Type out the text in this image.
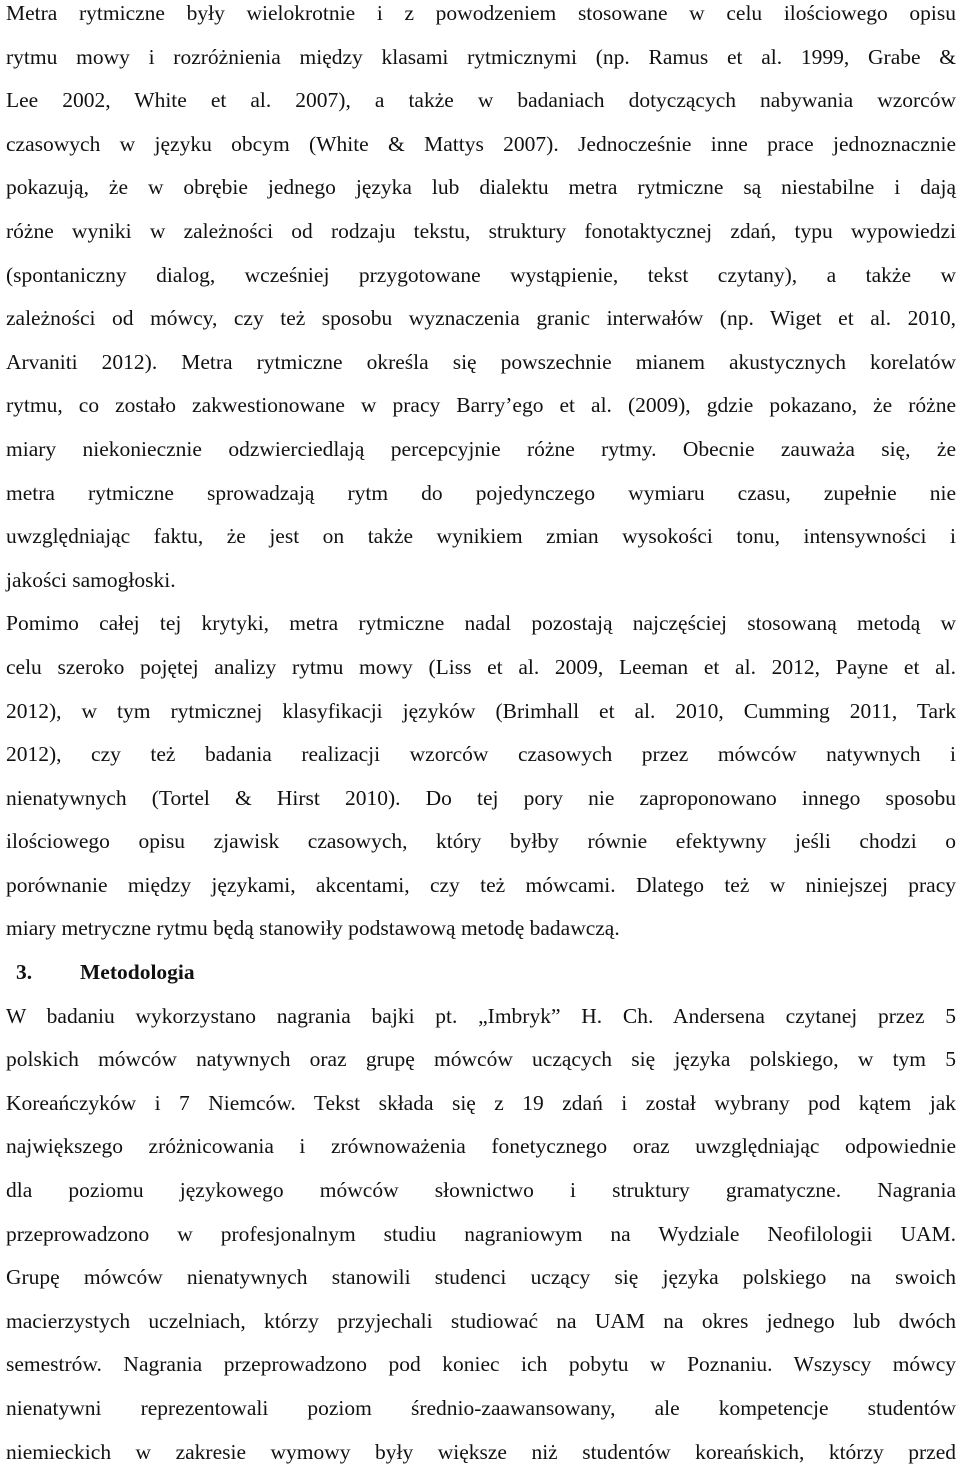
Metra rytmiczne były wielokrotnie i z powodzeniem stosowane w celu ilościowego opisu
rytmu mowy i rozróżnienia między klasami rytmicznymi (np. Ramus et al. 1999, Grabe &
Lee 2002, White et al. 2007), a także w badaniach dotyczących nabywania wzorców
czasowych w języku obcym (White & Mattys 2007). Jednocześnie inne prace jednoznacznie
pokazują, że w obrębie jednego języka lub dialektu metra rytmiczne są niestabilne i dają
różne wyniki w zależności od rodzaju tekstu, struktury fonotaktycznej zdań, typu wypowiedzi
(spontaniczny dialog, wcześniej przygotowane wystąpienie, tekst czytany), a także w
zależności od mówcy, czy też sposobu wyznaczenia granic interwałów (np. Wiget et al. 2010,
Arvaniti 2012). Metra rytmiczne określa się powszechnie mianem akustycznych korelatów
rytmu, co zostało zakwestionowane w pracy Barry’ego et al. (2009), gdzie pokazano, że różne
miary niekoniecznie odzwierciedlają percepcyjnie różne rytmy. Obecnie zauważa się, że
metra rytmiczne sprowadzają rytm do pojedynczego wymiaru czasu, zupełnie nie
uwzględniając faktu, że jest on także wynikiem zmian wysokości tonu, intensywności i
jakości samogłoski.
Pomimo całej tej krytyki, metra rytmiczne nadal pozostają najczęściej stosowaną metodą w
celu szeroko pojętej analizy rytmu mowy (Liss et al. 2009, Leeman et al. 2012, Payne et al.
2012), w tym rytmicznej klasyfikacji języków (Brimhall et al. 2010, Cumming 2011, Tark
2012), czy też badania realizacji wzorców czasowych przez mówców natywnych i
nienatywnych (Tortel & Hirst 2010). Do tej pory nie zaproponowano innego sposobu
ilościowego opisu zjawisk czasowych, który byłby równie efektywny jeśli chodzi o
porównanie między językami, akcentami, czy też mówcami. Dlatego też w niniejszej pracy
miary metryczne rytmu będą stanowiły podstawową metodę badawczą.
3. Metodologia
W badaniu wykorzystano nagrania bajki pt. „Imbryk” H. Ch. Andersena czytanej przez 5
polskich mówców natywnych oraz grupę mówców uczących się języka polskiego, w tym 5
Koreańczyków i 7 Niemców. Tekst składa się z 19 zdań i został wybrany pod kątem jak
największego zróżnicowania i zrównoważenia fonetycznego oraz uwzględniając odpowiednie
dla poziomu językowego mówców słownictwo i struktury gramatyczne. Nagrania
przeprowadzono w profesjonalnym studiu nagraniowym na Wydziale Neofilologii UAM.
Grupę mówców nienatywnych stanowili studenci uczący się języka polskiego na swoich
macierzystych uczelniach, którzy przyjechali studiować na UAM na okres jednego lub dwóch
semestrów. Nagrania przeprowadzono pod koniec ich pobytu w Poznaniu. Wszyscy mówcy
nienatywni reprezentowali poziom średnio-zaawansowany, ale kompetencje studentów
niemieckich w zakresie wymowy były większe niż studentów koreańskich, którzy przed
